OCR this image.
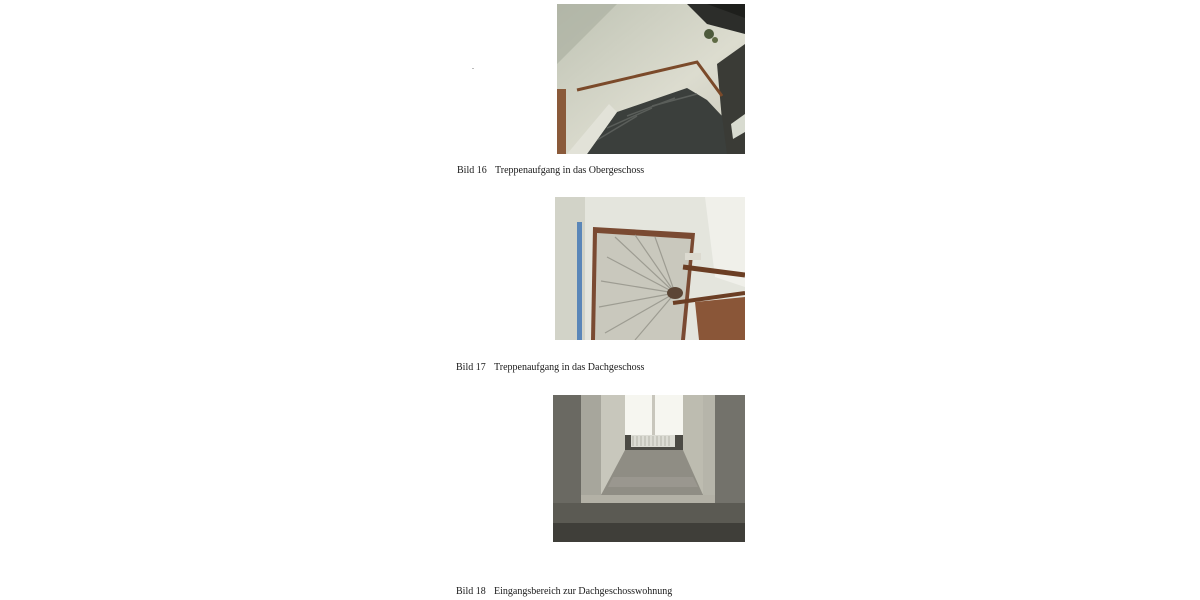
Bild 16 Treppenaufgang in das Obergeschoss
Bild 17 Treppenaufgang in das Dachgeschoss
Bild 18 Eingangsbereich zur Dachgeschosswohnung
